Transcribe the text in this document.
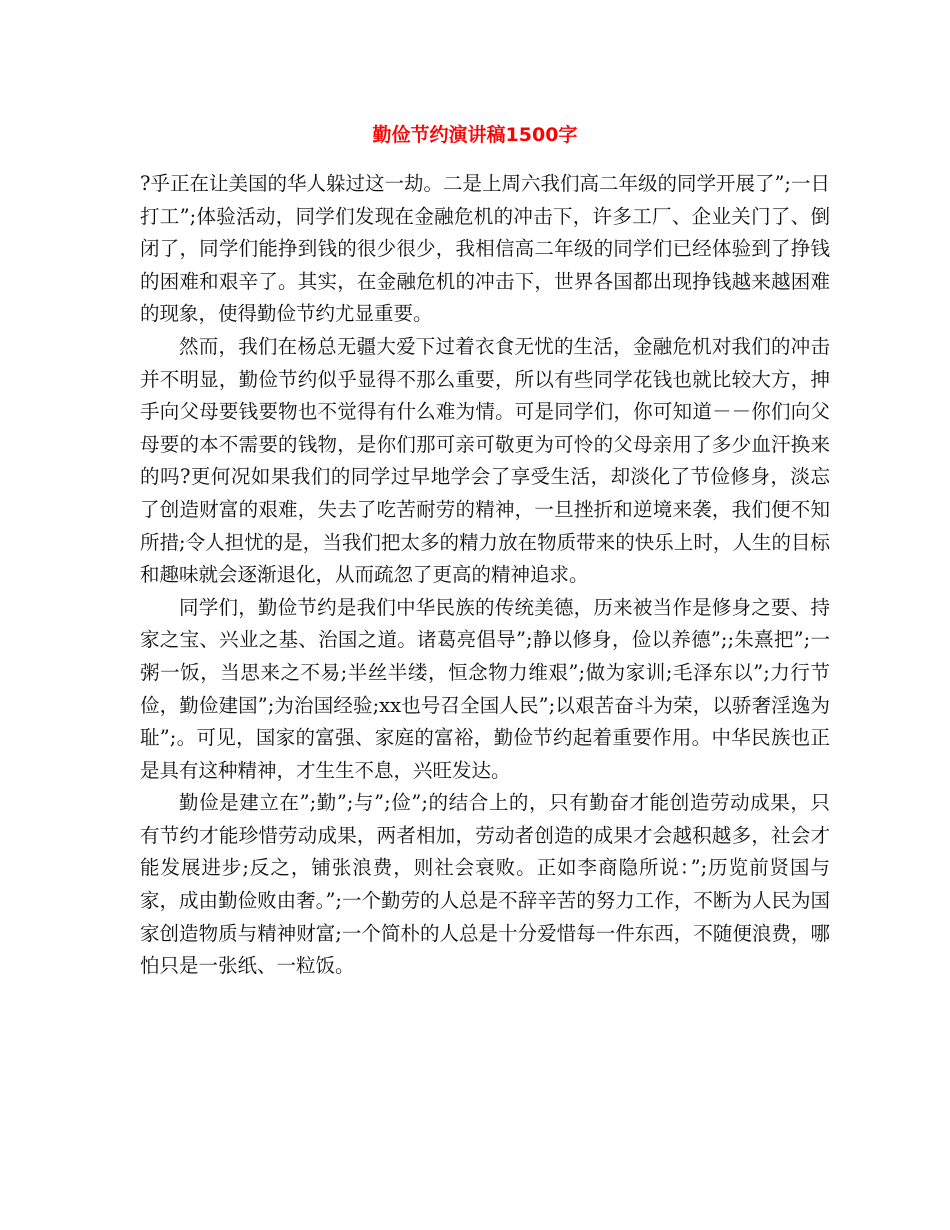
勤俭节约演讲稿1500字

?乎正在让美国的华人躲过这一劫。二是上周六我们高二年级的同学开展了”;一日打工”;体验活动，同学们发现在金融危机的冲击下，许多工厂、企业关门了、倒闭了，同学们能挣到钱的很少很少，我相信高二年级的同学们已经体验到了挣钱的困难和艰辛了。其实，在金融危机的冲击下，世界各国都出现挣钱越来越困难的现象，使得勤俭节约尤显重要。

然而，我们在杨总无疆大爱下过着衣食无忧的生活，金融危机对我们的冲击并不明显，勤俭节约似乎显得不那么重要，所以有些同学花钱也就比较大方，抻手向父母要钱要物也不觉得有什么难为情。可是同学们，你可知道－－你们向父母要的本不需要的钱物，是你们那可亲可敬更为可怜的父母亲用了多少血汗换来的吗?更何况如果我们的同学过早地学会了享受生活，却淡化了节俭修身，淡忘了创造财富的艰难，失去了吃苦耐劳的精神，一旦挫折和逆境来袭，我们便不知所措;令人担忧的是，当我们把太多的精力放在物质带来的快乐上时，人生的目标和趣味就会逐渐退化，从而疏忽了更高的精神追求。

同学们，勤俭节约是我们中华民族的传统美德，历来被当作是修身之要、持家之宝、兴业之基、治国之道。诸葛亮倡导”;静以修身，俭以养德”;;朱熹把”;一粥一饭，当思来之不易;半丝半缕，恒念物力维艰”;做为家训;毛泽东以”;力行节俭，勤俭建国”;为治国经验;xx也号召全国人民”;以艰苦奋斗为荣，以骄奢淫逸为耻”;。可见，国家的富强、家庭的富裕，勤俭节约起着重要作用。中华民族也正是具有这种精神，才生生不息，兴旺发达。

勤俭是建立在”;勤”;与”;俭”;的结合上的，只有勤奋才能创造劳动成果，只有节约才能珍惜劳动成果，两者相加，劳动者创造的成果才会越积越多，社会才能发展进步;反之，铺张浪费，则社会衰败。正如李商隐所说：”;历览前贤国与家，成由勤俭败由奢。”;一个勤劳的人总是不辞辛苦的努力工作，不断为人民为国家创造物质与精神财富;一个简朴的人总是十分爱惜每一件东西，不随便浪费，哪怕只是一张纸、一粒饭。
